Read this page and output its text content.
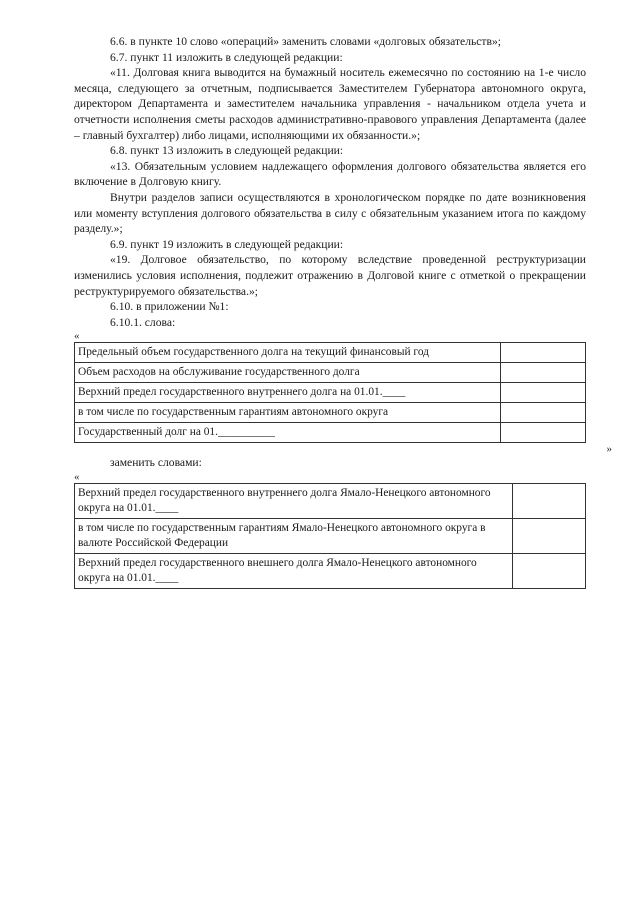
6.6. в пункте 10 слово «операций» заменить словами «долговых обязательств»;

6.7. пункт 11 изложить в следующей редакции:

«11. Долговая книга выводится на бумажный носитель ежемесячно по состоянию на 1-е число месяца, следующего за отчетным, подписывается Заместителем Губернатора автономного округа, директором Департамента и заместителем начальника управления - начальником отдела учета и отчетности исполнения сметы расходов административно-правового управления Департамента (далее – главный бухгалтер) либо лицами, исполняющими их обязанности.»;

6.8. пункт 13 изложить в следующей редакции:

«13. Обязательным условием надлежащего оформления долгового обязательства является его включение в Долговую книгу.

Внутри разделов записи осуществляются в хронологическом порядке по дате возникновения или моменту вступления долгового обязательства в силу с обязательным указанием итога по каждому разделу.»;

6.9. пункт 19 изложить в следующей редакции:

«19. Долговое обязательство, по которому вследствие проведенной реструктуризации изменились условия исполнения, подлежит отражению в Долговой книге с отметкой о прекращении реструктурируемого обязательства.»;

6.10. в приложении №1:

6.10.1. слова:

«

Предельный объем государственного долга на текущий финансовый год	
Объем расходов на обслуживание государственного долга	
Верхний предел государственного внутреннего долга на 01.01.____	
в том числе по государственным гарантиям автономного округа	
Государственный долг на 01.__________	

»

заменить словами:

«

Верхний предел государственного внутреннего долга Ямало-Ненецкого автономного округа на 01.01.____	
в том числе по государственным гарантиям Ямало-Ненецкого автономного округа в валюте Российской Федерации	
Верхний предел государственного внешнего долга Ямало-Ненецкого автономного округа на 01.01.____	
